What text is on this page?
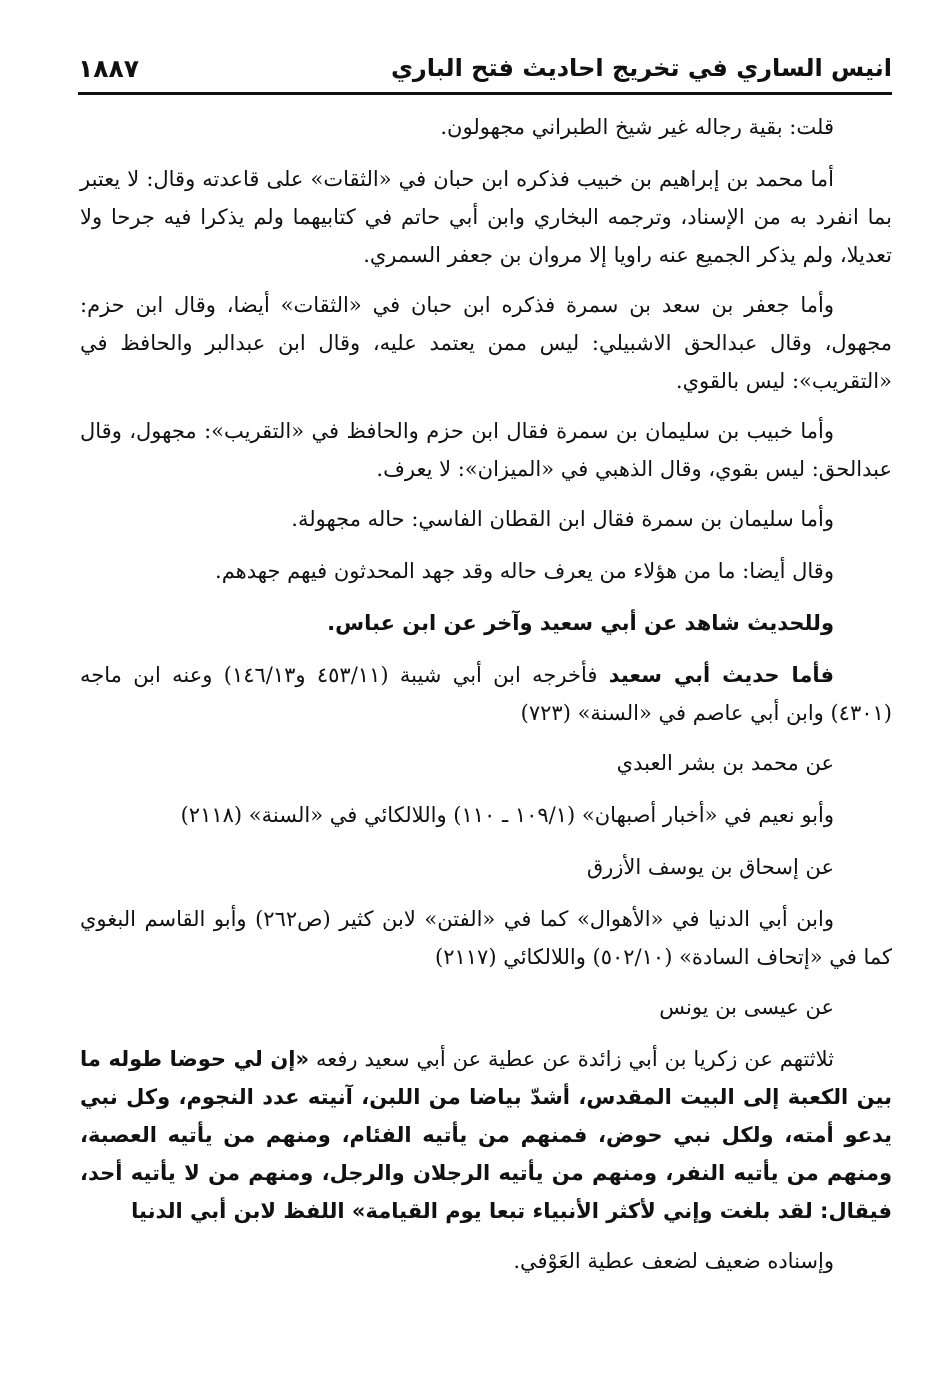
انيس الساري في تخريج احاديث فتح الباري
١٨٨٧

قلت: بقية رجاله غير شيخ الطبراني مجهولون.

أما محمد بن إبراهيم بن خبيب فذكره ابن حبان في «الثقات» على قاعدته وقال: لا يعتبر بما انفرد به من الإسناد، وترجمه البخاري وابن أبي حاتم في كتابيهما ولم يذكرا فيه جرحا ولا تعديلا، ولم يذكر الجميع عنه راويا إلا مروان بن جعفر السمري.

وأما جعفر بن سعد بن سمرة فذكره ابن حبان في «الثقات» أيضا، وقال ابن حزم: مجهول، وقال عبدالحق الاشبيلي: ليس ممن يعتمد عليه، وقال ابن عبدالبر والحافظ في «التقريب»: ليس بالقوي.

وأما خبيب بن سليمان بن سمرة فقال ابن حزم والحافظ في «التقريب»: مجهول، وقال عبدالحق: ليس بقوي، وقال الذهبي في «الميزان»: لا يعرف.

وأما سليمان بن سمرة فقال ابن القطان الفاسي: حاله مجهولة.

وقال أيضا: ما من هؤلاء من يعرف حاله وقد جهد المحدثون فيهم جهدهم.

وللحديث شاهد عن أبي سعيد وآخر عن ابن عباس.

فأما حديث أبي سعيد فأخرجه ابن أبي شيبة (٤٥٣/١١ و١٤٦/١٣) وعنه ابن ماجه (٤٣٠١) وابن أبي عاصم في «السنة» (٧٢٣)

عن محمد بن بشر العبدي

وأبو نعيم في «أخبار أصبهان» (١٠٩/١ ـ ١١٠) واللالكائي في «السنة» (٢١١٨)

عن إسحاق بن يوسف الأزرق

وابن أبي الدنيا في «الأهوال» كما في «الفتن» لابن كثير (ص٢٦٢) وأبو القاسم البغوي كما في «إتحاف السادة» (٥٠٢/١٠) واللالكائي (٢١١٧)

عن عيسى بن يونس

ثلاثتهم عن زكريا بن أبي زائدة عن عطية عن أبي سعيد رفعه «إن لي حوضا طوله ما بين الكعبة إلى البيت المقدس، أشدّ بياضا من اللبن، آنيته عدد النجوم، وكل نبي يدعو أمته، ولكل نبي حوض، فمنهم من يأتيه الفئام، ومنهم من يأتيه العصبة، ومنهم من يأتيه النفر، ومنهم من يأتيه الرجلان والرجل، ومنهم من لا يأتيه أحد، فيقال: لقد بلغت وإني لأكثر الأنبياء تبعا يوم القيامة» اللفظ لابن أبي الدنيا

وإسناده ضعيف لضعف عطية العَوْفي.
